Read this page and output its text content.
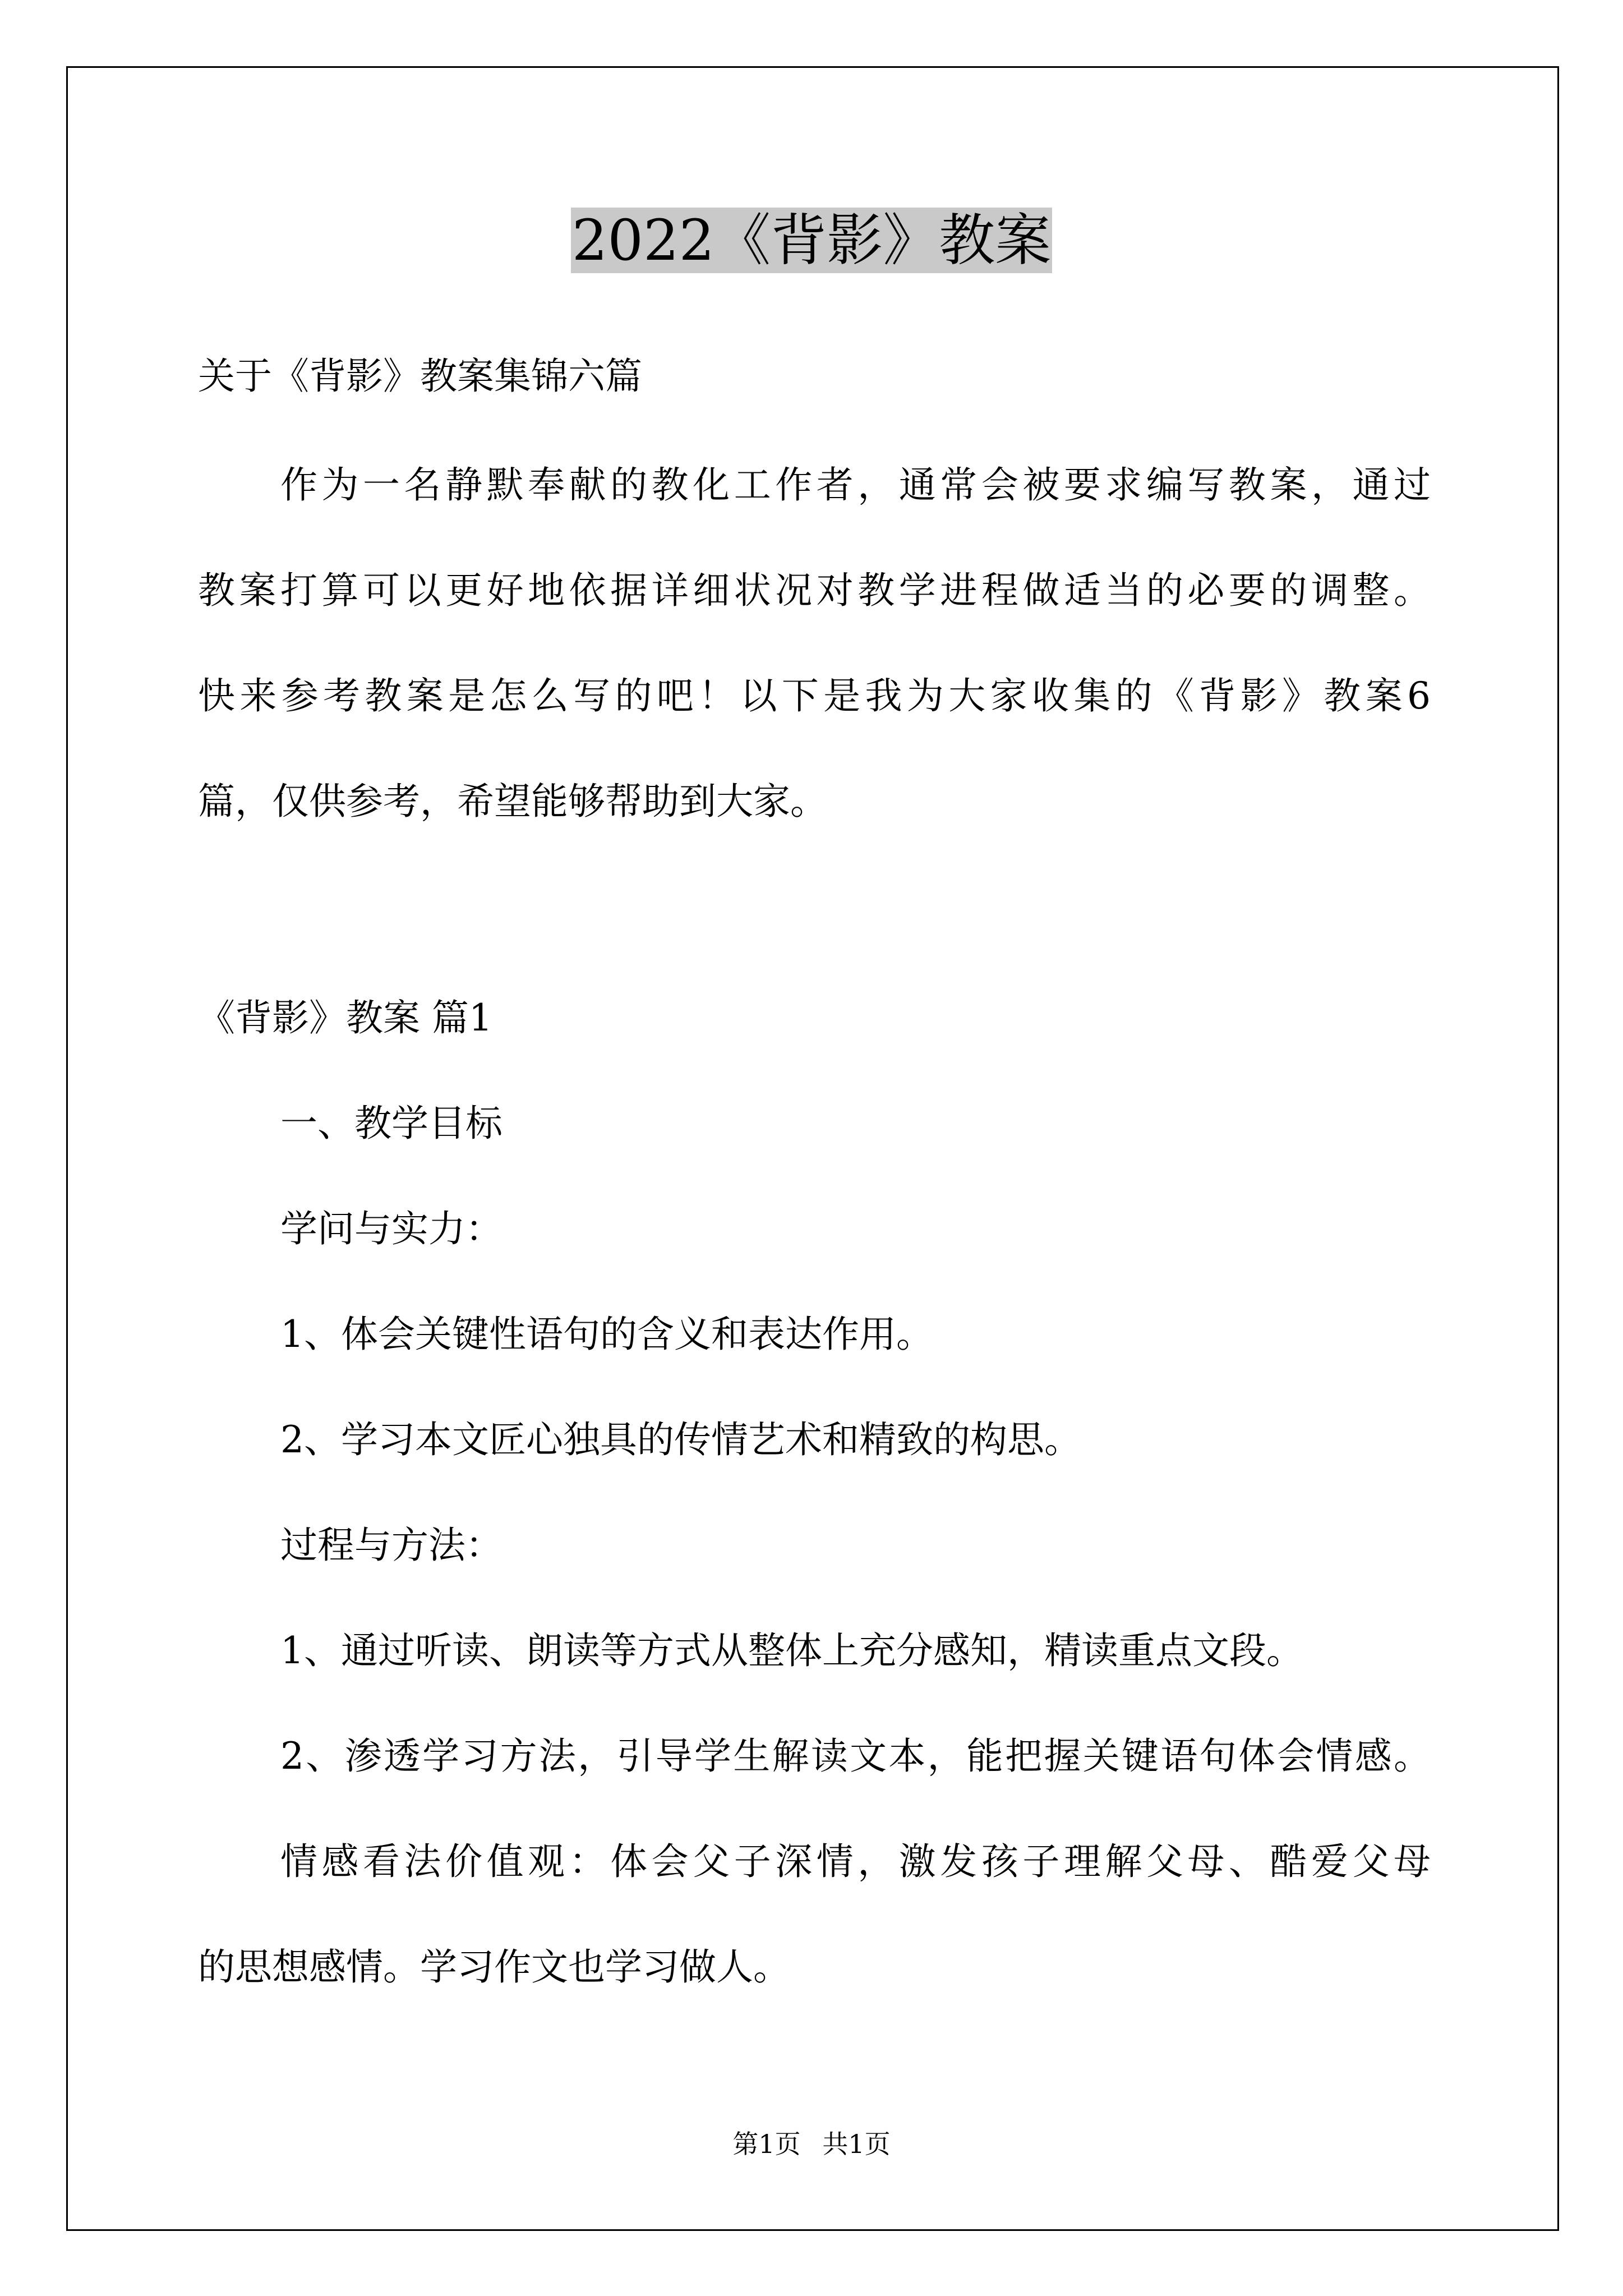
2022《背影》教案
关于《背影》教案集锦六篇
作为一名静默奉献的教化工作者，通常会被要求编写教案，通过
教案打算可以更好地依据详细状况对教学进程做适当的必要的调整。
快来参考教案是怎么写的吧！以下是我为大家收集的《背影》教案6
篇，仅供参考，希望能够帮助到大家。
《背影》教案 篇1
一、教学目标
学问与实力：
1、体会关键性语句的含义和表达作用。
2、学习本文匠心独具的传情艺术和精致的构思。
过程与方法：
1、通过听读、朗读等方式从整体上充分感知，精读重点文段。
2、渗透学习方法，引导学生解读文本，能把握关键语句体会情感。
情感看法价值观：体会父子深情，激发孩子理解父母、酷爱父母
的思想感情。学习作文也学习做人。
第1页 共1页
